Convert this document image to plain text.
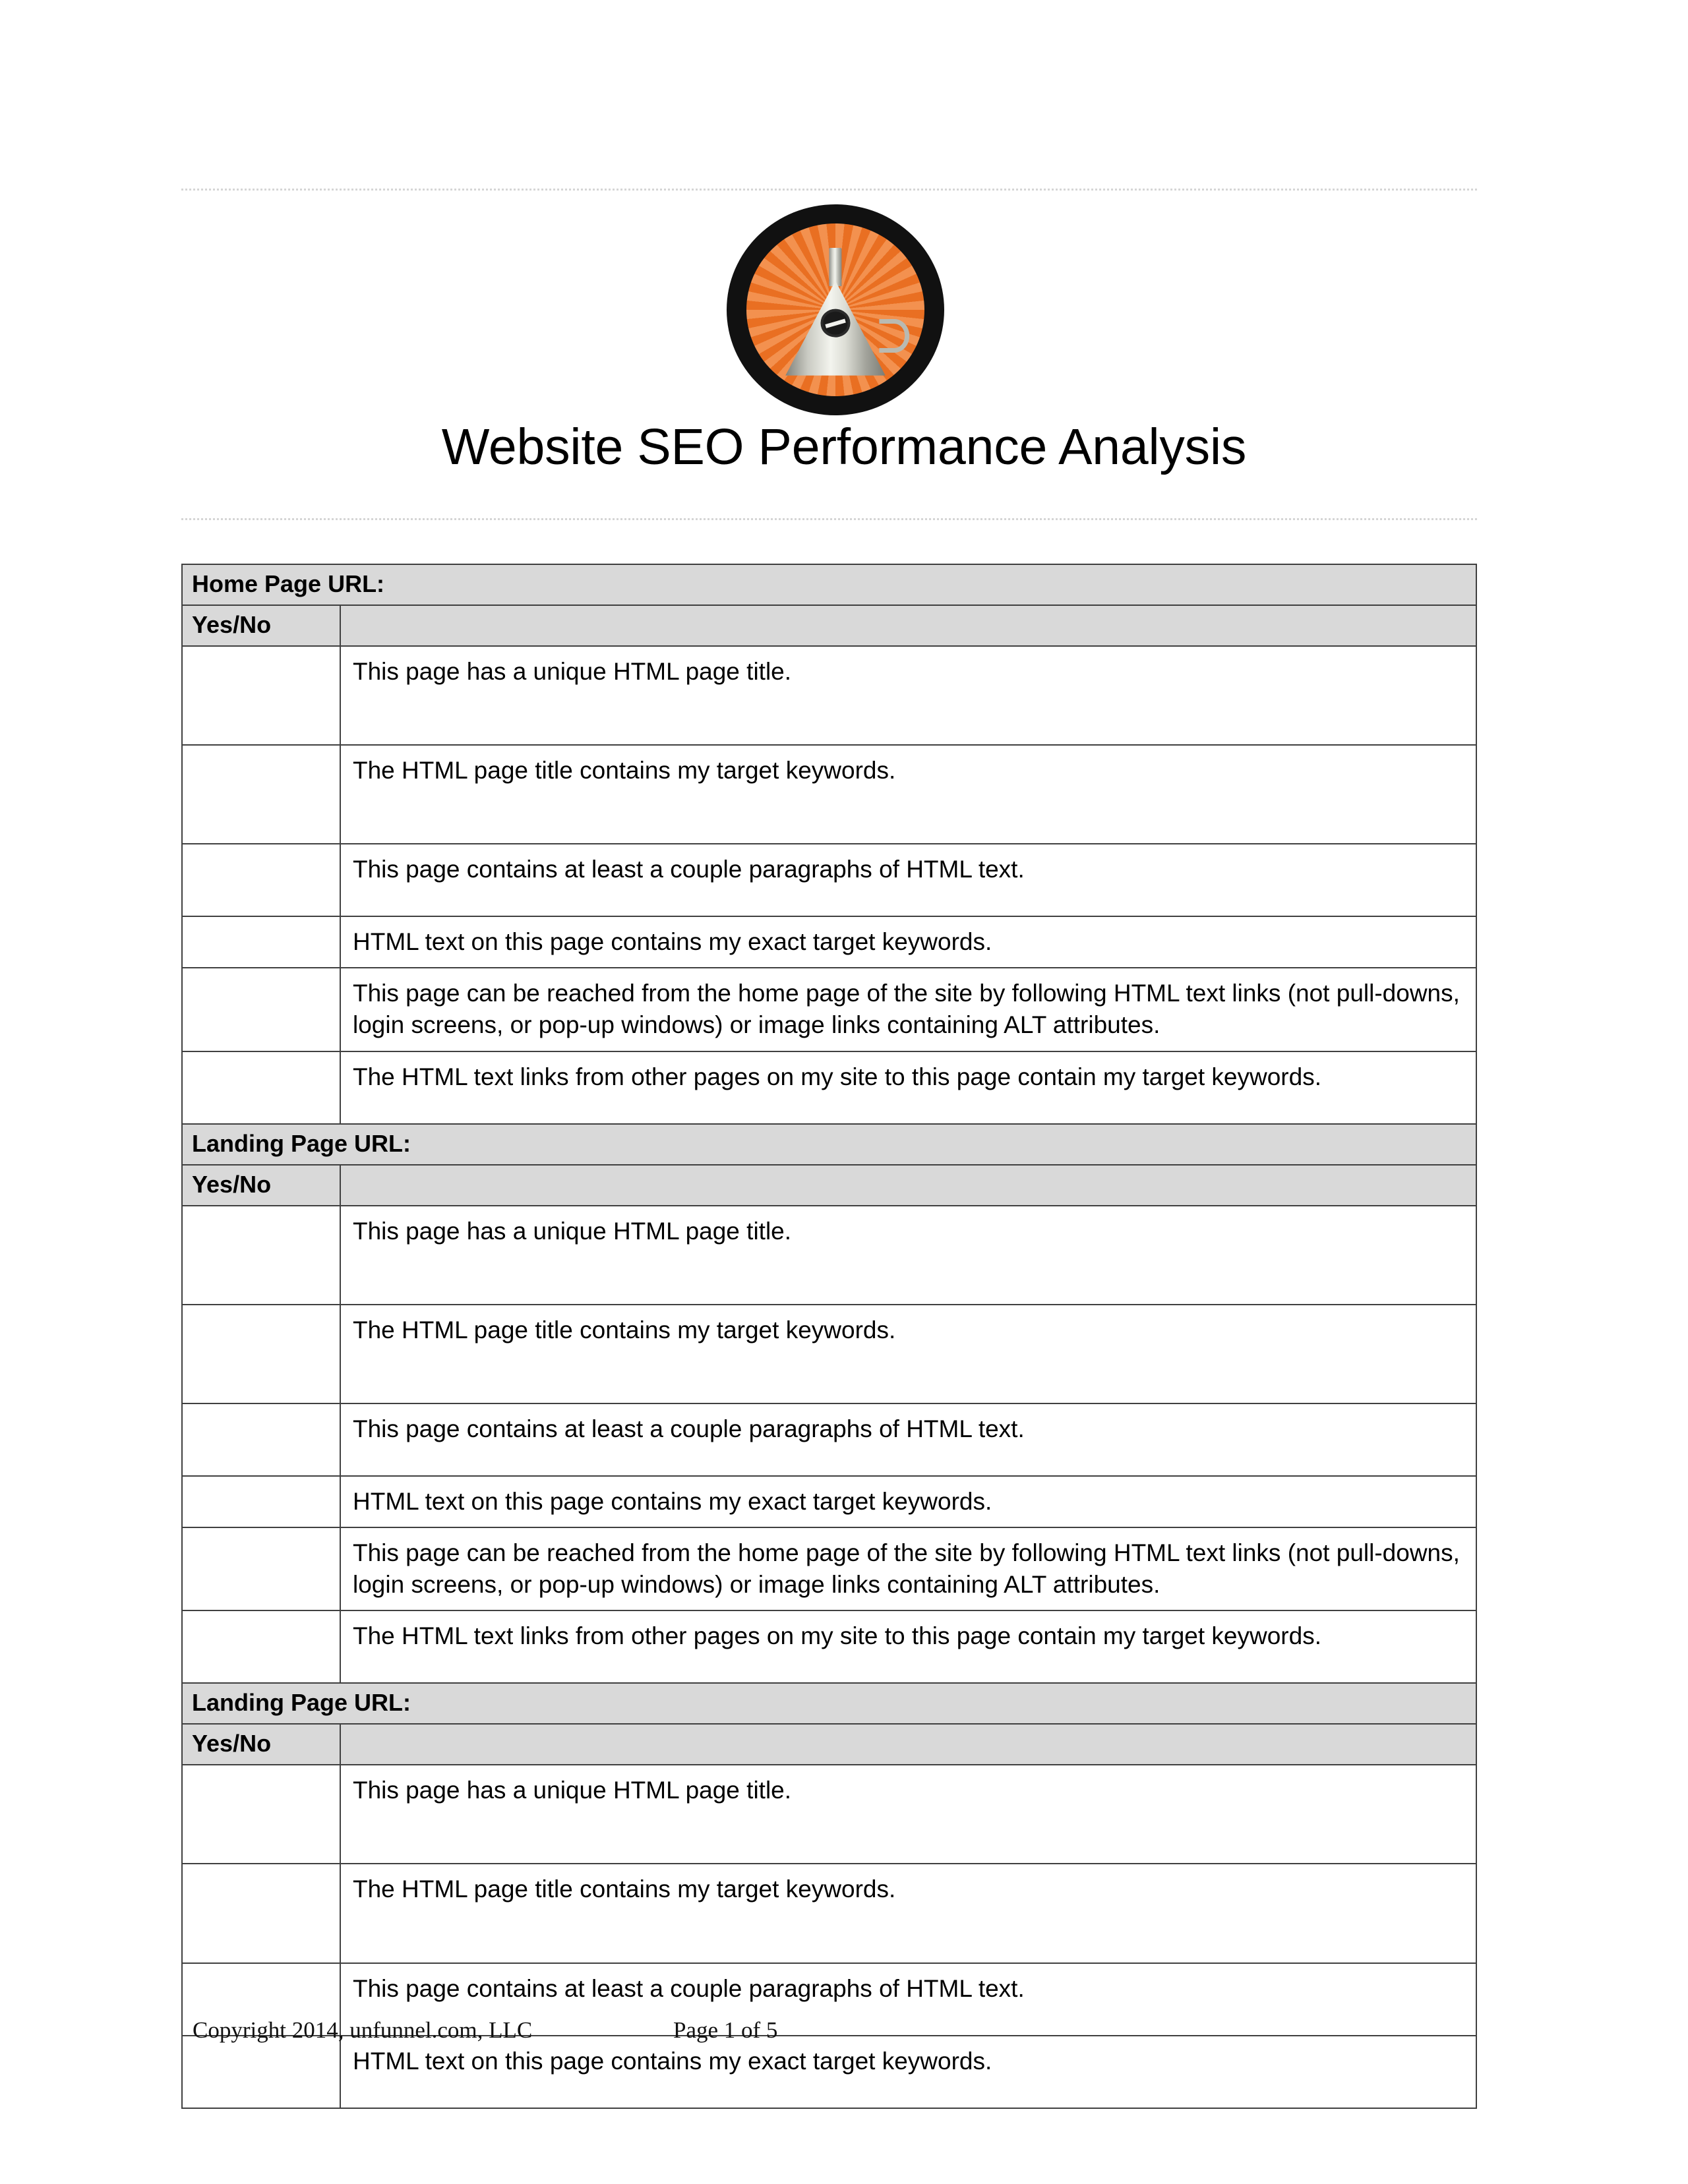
Website SEO Performance Analysis
Home Page URL:	
Yes/No	
	This page has a unique HTML page title.
	The HTML page title contains my target keywords.
	This page contains at least a couple paragraphs of HTML text.
	HTML text on this page contains my exact target keywords.
	This page can be reached from the home page of the site by following HTML text links (not pull-downs, login screens, or pop-up windows) or image links containing ALT attributes.
	The HTML text links from other pages on my site to this page contain my target keywords.
Landing Page URL:	
Yes/No	
	This page has a unique HTML page title.
	The HTML page title contains my target keywords.
	This page contains at least a couple paragraphs of HTML text.
	HTML text on this page contains my exact target keywords.
	This page can be reached from the home page of the site by following HTML text links (not pull-downs, login screens, or pop-up windows) or image links containing ALT attributes.
	The HTML text links from other pages on my site to this page contain my target keywords.
Landing Page URL:	
Yes/No	
	This page has a unique HTML page title.
	The HTML page title contains my target keywords.
	This page contains at least a couple paragraphs of HTML text.
	HTML text on this page contains my exact target keywords.
Copyright 2014, unfunnel.com, LLC	Page 1 of 5
